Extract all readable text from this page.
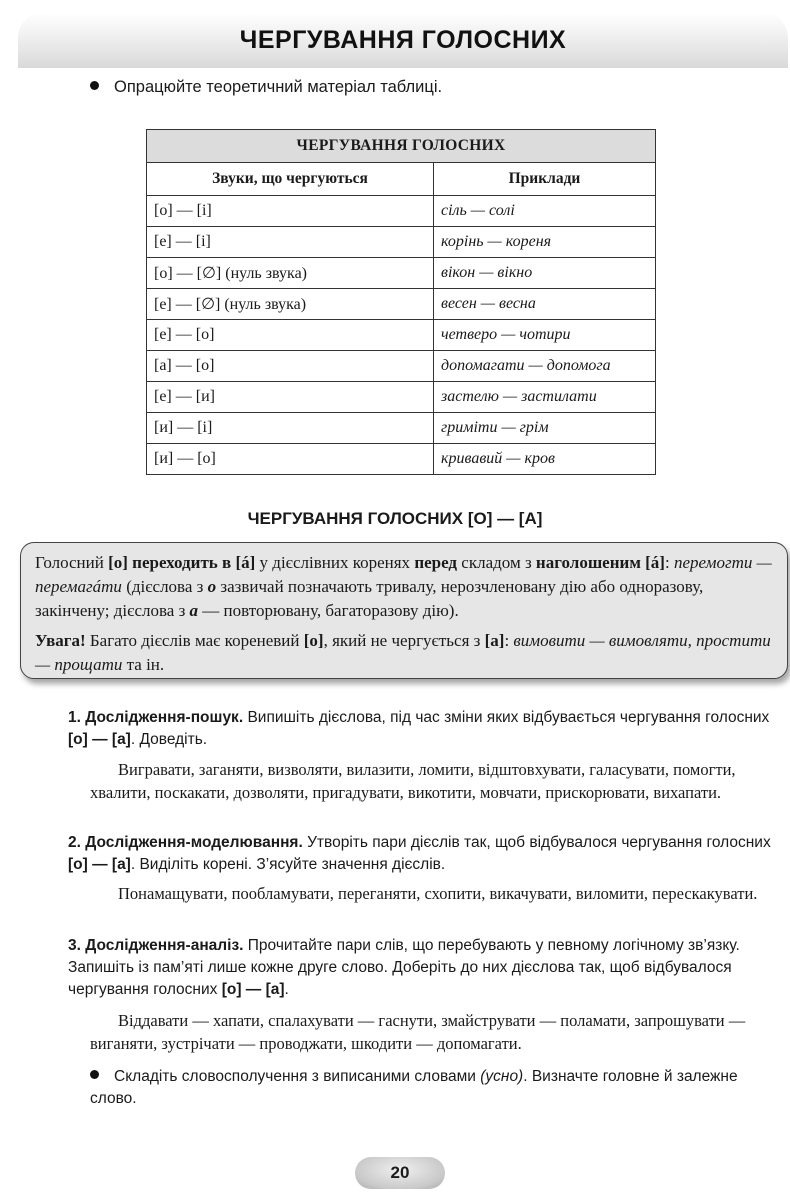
ЧЕРГУВАННЯ ГОЛОСНИХ
Опрацюйте теоретичний матеріал таблиці.
ЧЕРГУВАННЯ ГОЛОСНИХ	
Звуки, що чергуються	Приклади
[о] — [і]	сіль — солі
[е] — [і]	корінь — кореня
[о] — [∅] (нуль звука)	вікон — вікно
[е] — [∅] (нуль звука)	весен — весна
[е] — [о]	четверо — чотири
[а] — [о]	допомагати — допомога
[е] — [и]	застелю — застилати
[и] — [і]	гриміти — грім
[и] — [о]	кривавий — кров
ЧЕРГУВАННЯ ГОЛОСНИХ [О] — [А]

Голосний [о] переходить в [á] у дієслівних коренях перед складом з наголошеним [á]: перемогти — перемагáти (дієслова з о зазвичай позначають тривалу, нерозчленовану дію або одноразову, закінчену; дієслова з а — повторювану, багаторазову дію).

Увага! Багато дієслів має кореневий [о], який не чергується з [а]: вимовити — вимовляти, простити — прощати та ін.

1. Дослідження-пошук. Випишіть дієслова, під час зміни яких відбувається чергування голосних [о] — [а]. Доведіть.
Вигравати, заганяти, визволяти, вилазити, ломити, відштовхувати, галасувати, помогти, хвалити, поскакати, дозволяти, пригадувати, викотити, мовчати, прискорювати, вихапати.
2. Дослідження-моделювання. Утворіть пари дієслів так, щоб відбувалося чергування голосних [о] — [а]. Виділіть корені. З’ясуйте значення дієслів.
Понамащувати, пообламувати, переганяти, схопити, викачувати, виломити, перескакувати.
3. Дослідження-аналіз. Прочитайте пари слів, що перебувають у певному логічному зв’язку. Запишіть із пам’яті лише кожне друге слово. Доберіть до них дієслова так, щоб відбувалося чергування голосних [о] — [а].
Віддавати — хапати, спалахувати — гаснути, змайструвати — поламати, запрошувати — виганяти, зустрічати — проводжати, шкодити — допомагати.
Складіть словосполучення з виписаними словами (усно). Визначте головне й залежне слово.
20
